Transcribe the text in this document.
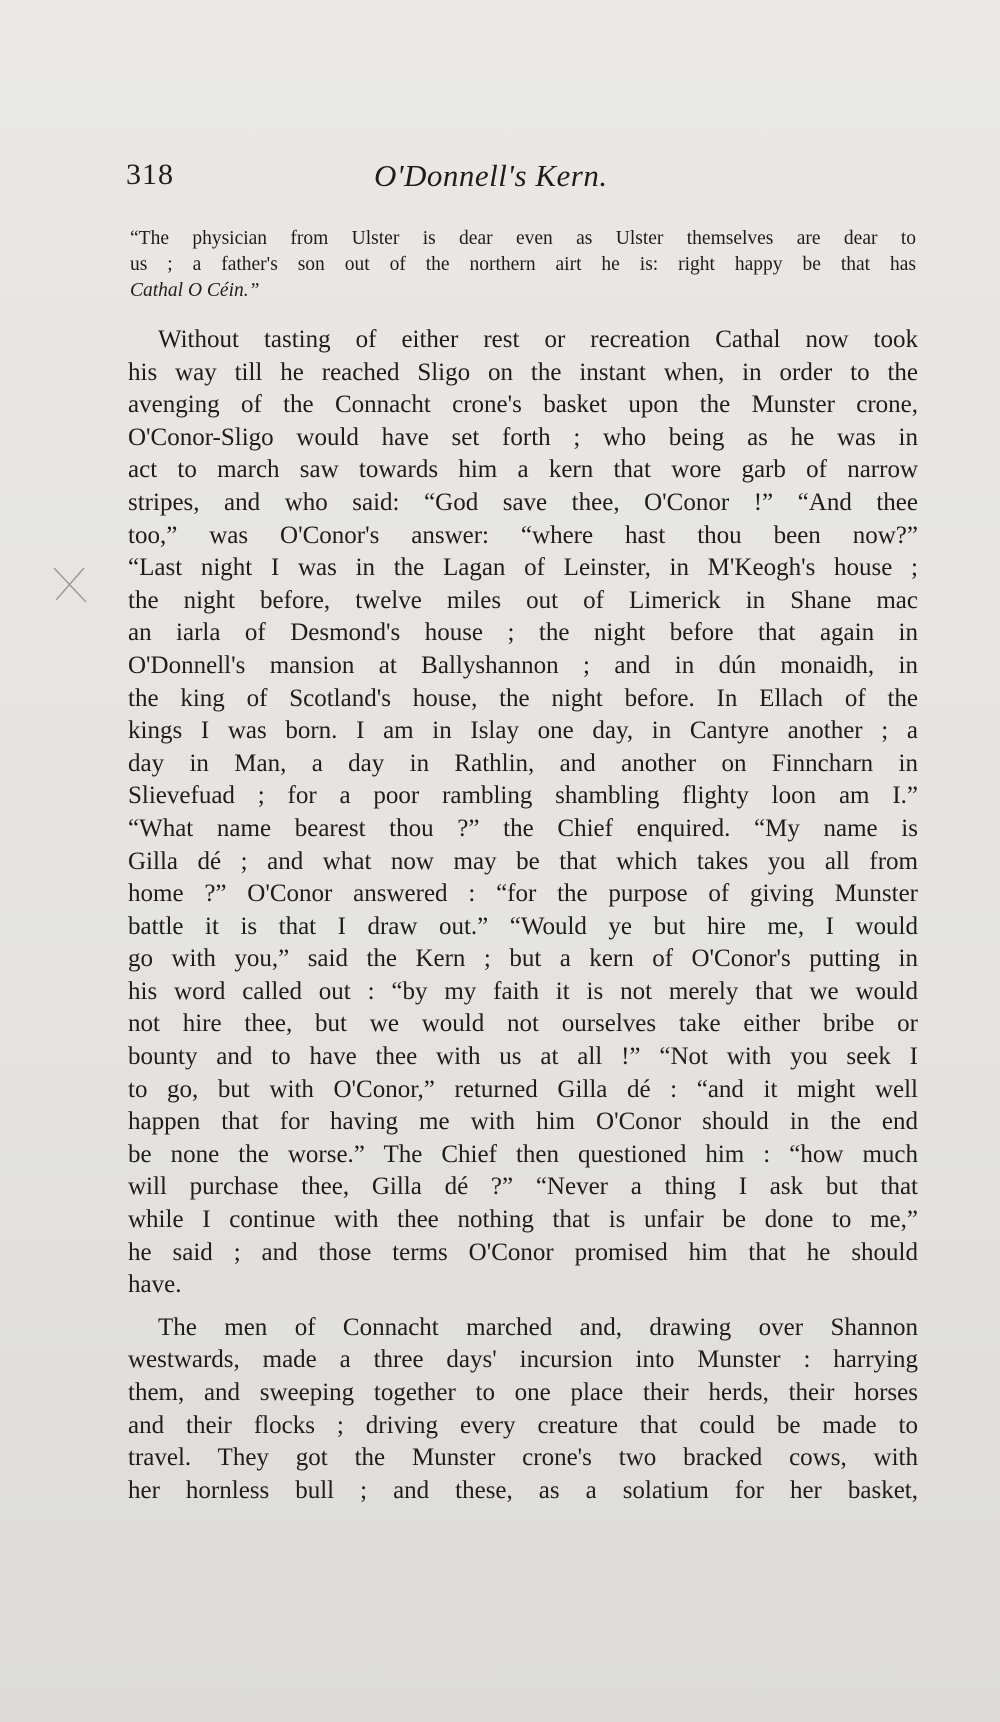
318	O'Donnell's Kern.
“The physician from Ulster is dear even as Ulster themselves are dear to
us ; a father's son out of the northern airt he is: right happy be that has
Cathal O Céin.”
Without tasting of either rest or recreation Cathal now took
his way till he reached Sligo on the instant when, in order to the
avenging of the Connacht crone's basket upon the Munster crone,
O'Conor-Sligo would have set forth ; who being as he was in
act to march saw towards him a kern that wore garb of narrow
stripes, and who said: “God save thee, O'Conor !” “And thee
too,” was O'Conor's answer: “where hast thou been now?”
“Last night I was in the Lagan of Leinster, in M'Keogh's house ;
the night before, twelve miles out of Limerick in Shane mac
an iarla of Desmond's house ; the night before that again in
O'Donnell's mansion at Ballyshannon ; and in dún monaidh, in
the king of Scotland's house, the night before. In Ellach of the
kings I was born. I am in Islay one day, in Cantyre another ; a
day in Man, a day in Rathlin, and another on Finncharn in
Slievefuad ; for a poor rambling shambling flighty loon am I.”
“What name bearest thou ?” the Chief enquired. “My name is
Gilla dé ; and what now may be that which takes you all from
home ?” O'Conor answered : “for the purpose of giving Munster
battle it is that I draw out.” “Would ye but hire me, I would
go with you,” said the Kern ; but a kern of O'Conor's putting in
his word called out : “by my faith it is not merely that we would
not hire thee, but we would not ourselves take either bribe or
bounty and to have thee with us at all !” “Not with you seek I
to go, but with O'Conor,” returned Gilla dé : “and it might well
happen that for having me with him O'Conor should in the end
be none the worse.” The Chief then questioned him : “how much
will purchase thee, Gilla dé ?” “Never a thing I ask but that
while I continue with thee nothing that is unfair be done to me,”
he said ; and those terms O'Conor promised him that he should
have.
The men of Connacht marched and, drawing over Shannon
westwards, made a three days' incursion into Munster : harrying
them, and sweeping together to one place their herds, their horses
and their flocks ; driving every creature that could be made to
travel. They got the Munster crone's two bracked cows, with
her hornless bull ; and these, as a solatium for her basket,
